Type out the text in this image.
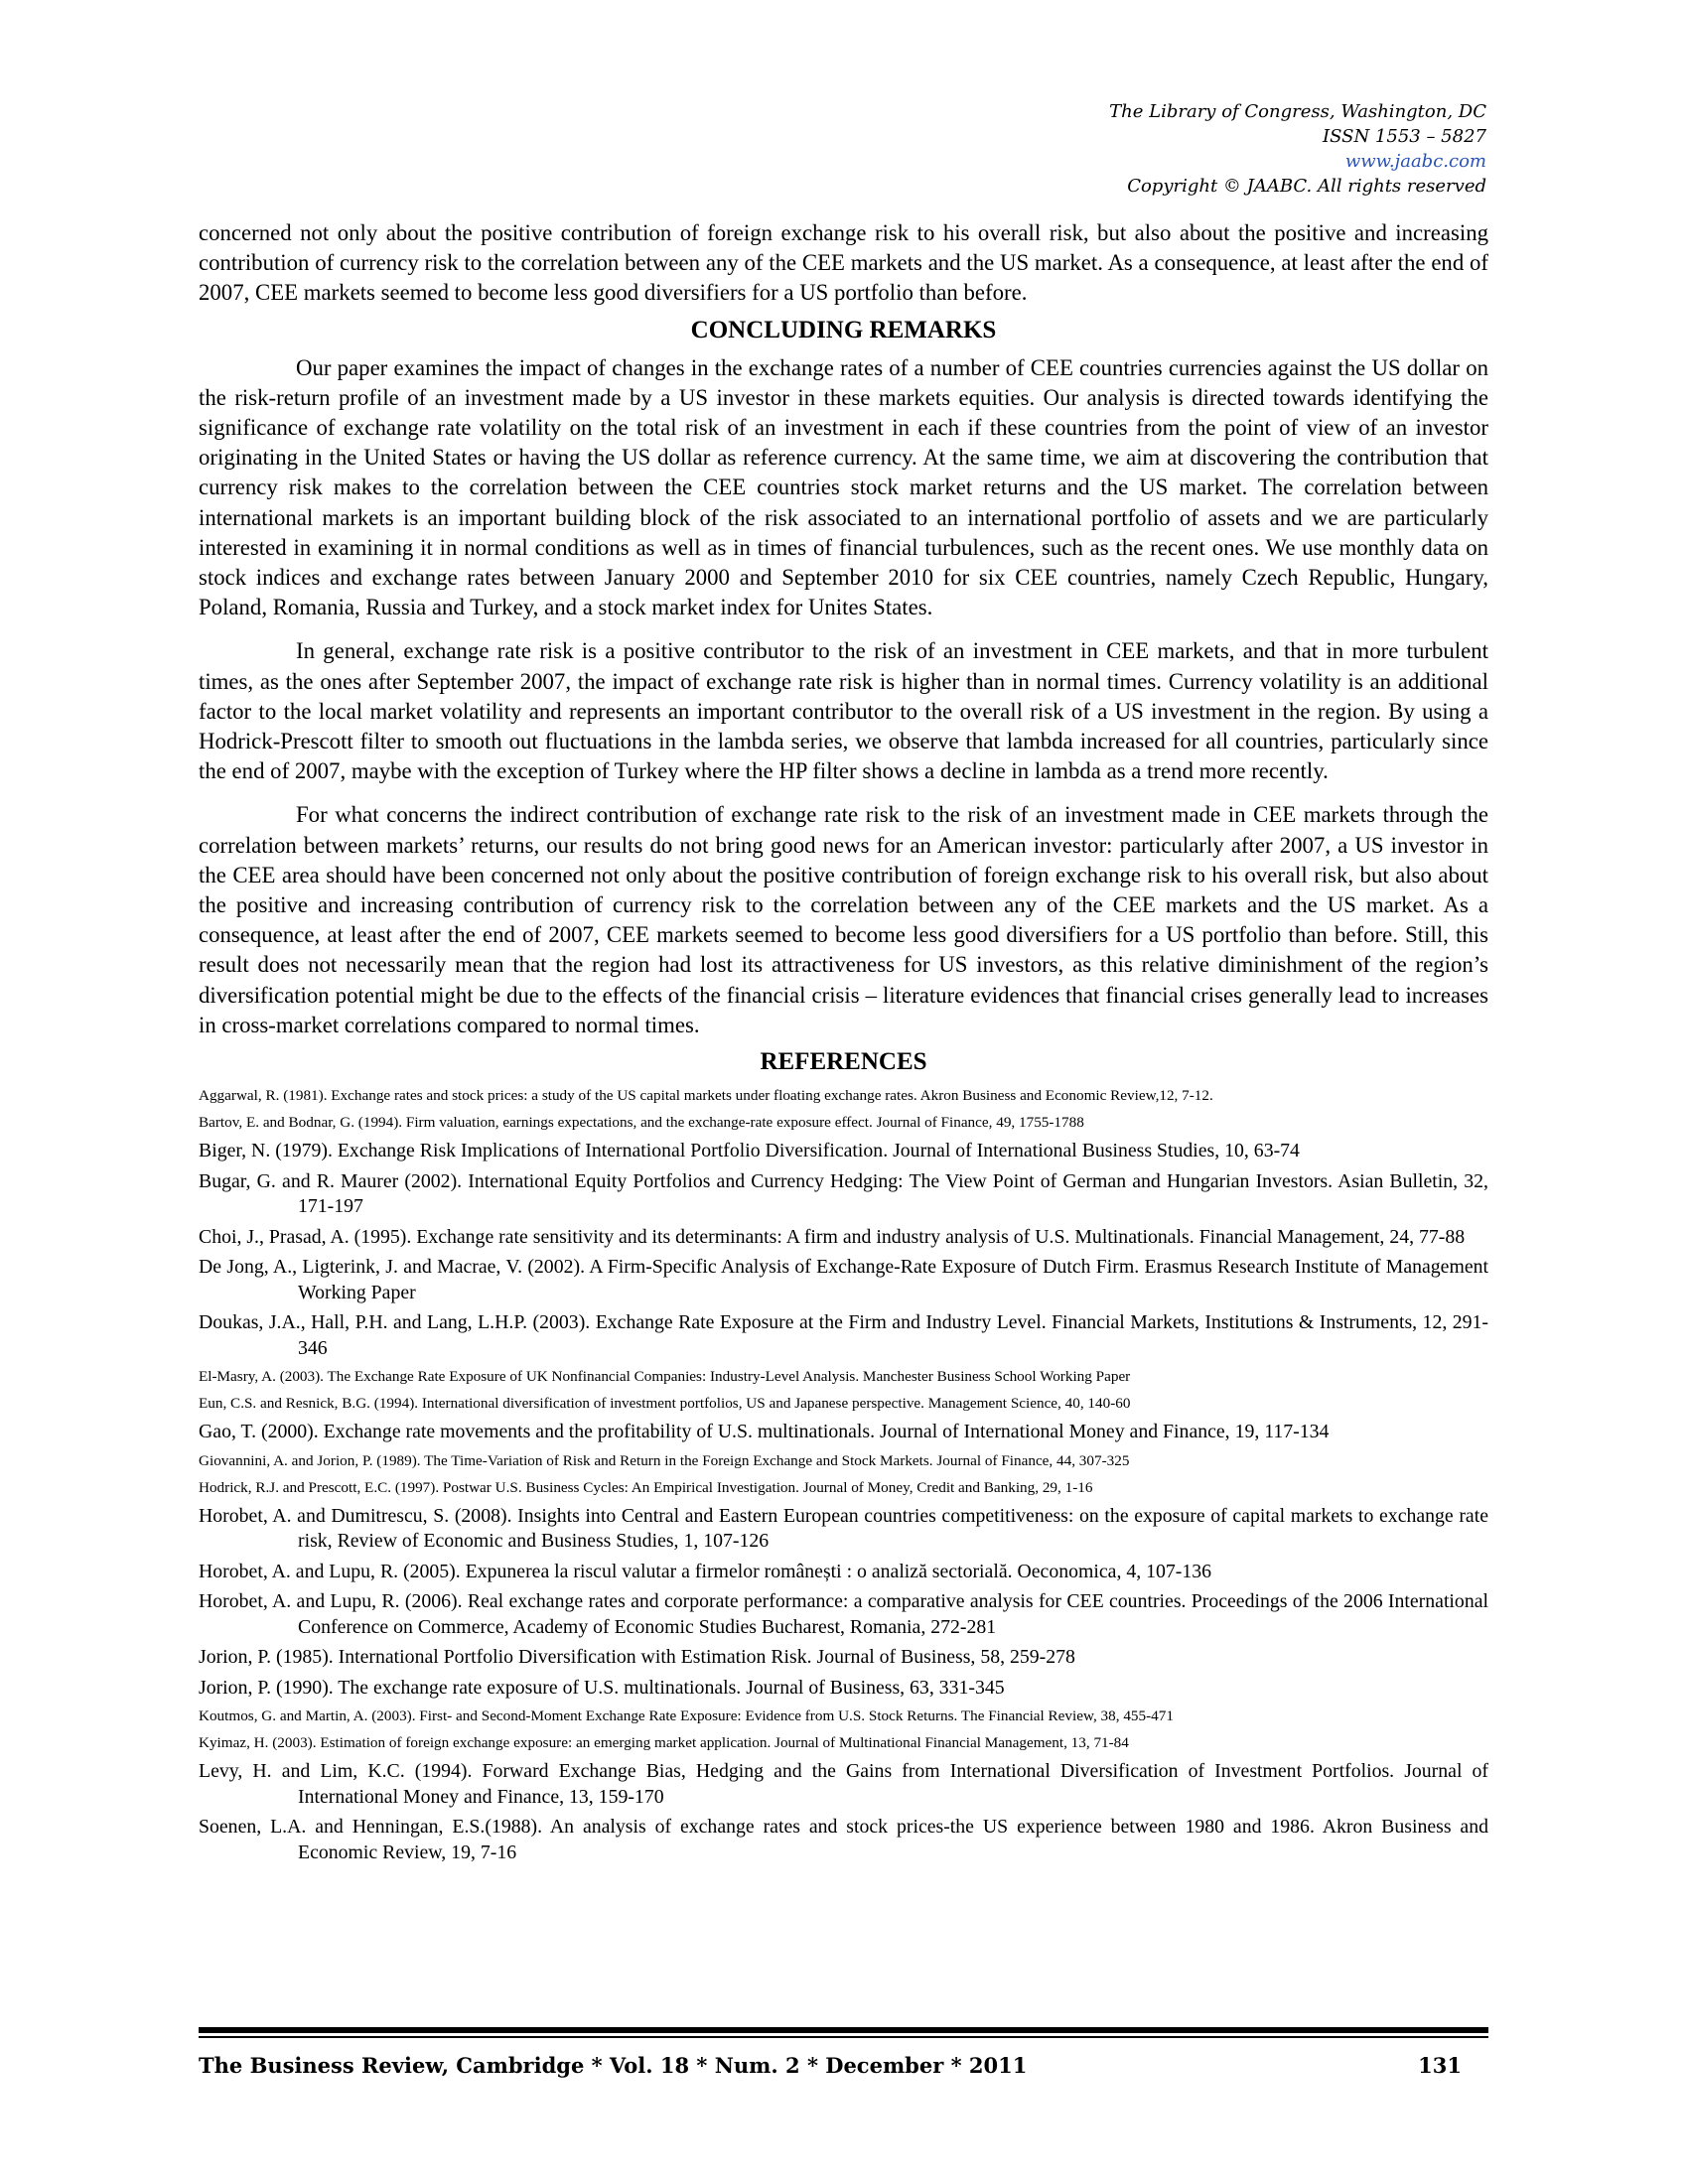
The Library of Congress, Washington, DC
ISSN 1553 – 5827
www.jaabc.com
Copyright © JAABC. All rights reserved

concerned not only about the positive contribution of foreign exchange risk to his overall risk, but also about the positive and increasing contribution of currency risk to the correlation between any of the CEE markets and the US market. As a consequence, at least after the end of 2007, CEE markets seemed to become less good diversifiers for a US portfolio than before.

CONCLUDING REMARKS

Our paper examines the impact of changes in the exchange rates of a number of CEE countries currencies against the US dollar on the risk-return profile of an investment made by a US investor in these markets equities. Our analysis is directed towards identifying the significance of exchange rate volatility on the total risk of an investment in each if these countries from the point of view of an investor originating in the United States or having the US dollar as reference currency. At the same time, we aim at discovering the contribution that currency risk makes to the correlation between the CEE countries stock market returns and the US market. The correlation between international markets is an important building block of the risk associated to an international portfolio of assets and we are particularly interested in examining it in normal conditions as well as in times of financial turbulences, such as the recent ones. We use monthly data on stock indices and exchange rates between January 2000 and September 2010 for six CEE countries, namely Czech Republic, Hungary, Poland, Romania, Russia and Turkey, and a stock market index for Unites States.

In general, exchange rate risk is a positive contributor to the risk of an investment in CEE markets, and that in more turbulent times, as the ones after September 2007, the impact of exchange rate risk is higher than in normal times. Currency volatility is an additional factor to the local market volatility and represents an important contributor to the overall risk of a US investment in the region. By using a Hodrick-Prescott filter to smooth out fluctuations in the lambda series, we observe that lambda increased for all countries, particularly since the end of 2007, maybe with the exception of Turkey where the HP filter shows a decline in lambda as a trend more recently.

For what concerns the indirect contribution of exchange rate risk to the risk of an investment made in CEE markets through the correlation between markets’ returns, our results do not bring good news for an American investor: particularly after 2007, a US investor in the CEE area should have been concerned not only about the positive contribution of foreign exchange risk to his overall risk, but also about the positive and increasing contribution of currency risk to the correlation between any of the CEE markets and the US market. As a consequence, at least after the end of 2007, CEE markets seemed to become less good diversifiers for a US portfolio than before. Still, this result does not necessarily mean that the region had lost its attractiveness for US investors, as this relative diminishment of the region’s diversification potential might be due to the effects of the financial crisis – literature evidences that financial crises generally lead to increases in cross-market correlations compared to normal times.

REFERENCES

Aggarwal, R. (1981). Exchange rates and stock prices: a study of the US capital markets under floating exchange rates. Akron Business and Economic Review,12, 7-12.

Bartov, E. and Bodnar, G. (1994). Firm valuation, earnings expectations, and the exchange-rate exposure effect. Journal of Finance, 49, 1755-1788

Biger, N. (1979). Exchange Risk Implications of International Portfolio Diversification. Journal of International Business Studies, 10, 63-74

Bugar, G. and R. Maurer (2002). International Equity Portfolios and Currency Hedging: The View Point of German and Hungarian Investors. Asian Bulletin, 32, 171-197

Choi, J., Prasad, A. (1995). Exchange rate sensitivity and its determinants: A firm and industry analysis of U.S. Multinationals. Financial Management, 24, 77-88

De Jong, A., Ligterink, J. and Macrae, V. (2002). A Firm-Specific Analysis of Exchange-Rate Exposure of Dutch Firm. Erasmus Research Institute of Management Working Paper

Doukas, J.A., Hall, P.H. and Lang, L.H.P. (2003). Exchange Rate Exposure at the Firm and Industry Level. Financial Markets, Institutions & Instruments, 12, 291-346

El-Masry, A. (2003). The Exchange Rate Exposure of UK Nonfinancial Companies: Industry-Level Analysis. Manchester Business School Working Paper

Eun, C.S. and Resnick, B.G. (1994). International diversification of investment portfolios, US and Japanese perspective. Management Science, 40, 140-60

Gao, T. (2000). Exchange rate movements and the profitability of U.S. multinationals. Journal of International Money and Finance, 19, 117-134

Giovannini, A. and Jorion, P. (1989). The Time-Variation of Risk and Return in the Foreign Exchange and Stock Markets. Journal of Finance, 44, 307-325

Hodrick, R.J. and Prescott, E.C. (1997). Postwar U.S. Business Cycles: An Empirical Investigation. Journal of Money, Credit and Banking, 29, 1-16

Horobet, A. and Dumitrescu, S. (2008). Insights into Central and Eastern European countries competitiveness: on the exposure of capital markets to exchange rate risk, Review of Economic and Business Studies, 1, 107-126

Horobet, A. and Lupu, R. (2005). Expunerea la riscul valutar a firmelor românești : o analiză sectorială. Oeconomica, 4, 107-136

Horobet, A. and Lupu, R. (2006). Real exchange rates and corporate performance: a comparative analysis for CEE countries. Proceedings of the 2006 International Conference on Commerce, Academy of Economic Studies Bucharest, Romania, 272-281

Jorion, P. (1985). International Portfolio Diversification with Estimation Risk. Journal of Business, 58, 259-278

Jorion, P. (1990). The exchange rate exposure of U.S. multinationals. Journal of Business, 63, 331-345

Koutmos, G. and Martin, A. (2003). First- and Second-Moment Exchange Rate Exposure: Evidence from U.S. Stock Returns. The Financial Review, 38, 455-471

Kyimaz, H. (2003). Estimation of foreign exchange exposure: an emerging market application. Journal of Multinational Financial Management, 13, 71-84

Levy, H. and Lim, K.C. (1994). Forward Exchange Bias, Hedging and the Gains from International Diversification of Investment Portfolios. Journal of International Money and Finance, 13, 159-170

Soenen, L.A. and Henningan, E.S.(1988). An analysis of exchange rates and stock prices-the US experience between 1980 and 1986. Akron Business and Economic Review, 19, 7-16

The Business Review, Cambridge * Vol. 18 * Num. 2 * December * 2011	131
